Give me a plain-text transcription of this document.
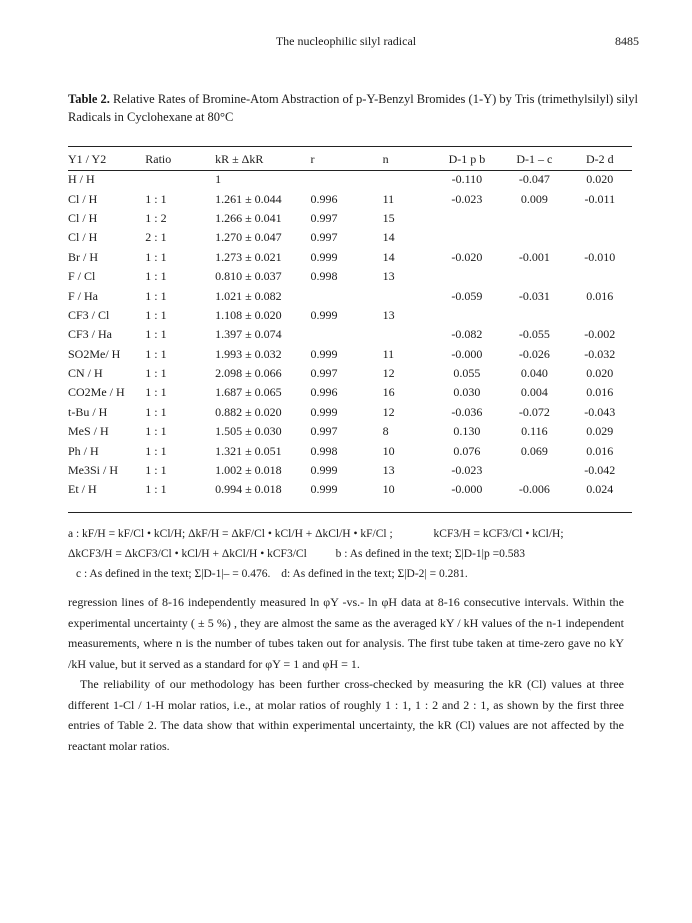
The nucleophilic silyl radical	8485
Table 2. Relative Rates of Bromine-Atom Abstraction of p-Y-Benzyl Bromides (1-Y) by Tris (trimethylsilyl) silyl Radicals in Cyclohexane at 80°C
Y1 / Y2	Ratio	kR ± ΔkR	r	n	D-1 p b	D-1 – c	D-2 d
H / H		1			-0.110	-0.047	0.020
Cl / H	1 : 1	1.261 ± 0.044	0.996	11	-0.023	0.009	-0.011
Cl / H	1 : 2	1.266 ± 0.041	0.997	15			
Cl / H	2 : 1	1.270 ± 0.047	0.997	14			
Br / H	1 : 1	1.273 ± 0.021	0.999	14	-0.020	-0.001	-0.010
F / Cl	1 : 1	0.810 ± 0.037	0.998	13			
F / Ha	1 : 1	1.021 ± 0.082			-0.059	-0.031	0.016
CF3 / Cl	1 : 1	1.108 ± 0.020	0.999	13			
CF3 / Ha	1 : 1	1.397 ± 0.074			-0.082	-0.055	-0.002
SO2Me/ H	1 : 1	1.993 ± 0.032	0.999	11	-0.000	-0.026	-0.032
CN / H	1 : 1	2.098 ± 0.066	0.997	12	0.055	0.040	0.020
CO2Me / H	1 : 1	1.687 ± 0.065	0.996	16	0.030	0.004	0.016
t-Bu / H	1 : 1	0.882 ± 0.020	0.999	12	-0.036	-0.072	-0.043
MeS / H	1 : 1	1.505 ± 0.030	0.997	8	0.130	0.116	0.029
Ph / H	1 : 1	1.321 ± 0.051	0.998	10	0.076	0.069	0.016
Me3Si / H	1 : 1	1.002 ± 0.018	0.999	13	-0.023		-0.042
Et / H	1 : 1	0.994 ± 0.018	0.999	10	-0.000	-0.006	0.024
a : kF/H = kF/Cl • kCl/H; ΔkF/H = ΔkF/Cl • kCl/H + ΔkCl/H • kF/Cl ;	kCF3/H = kCF3/Cl • kCl/H;
ΔkCF3/H = ΔkCF3/Cl • kCl/H + ΔkCl/H • kCF3/Cl	b : As defined in the text; Σ|D-1|p =0.583
c : As defined in the text; Σ|D-1|– = 0.476. d: As defined in the text; Σ|D-2| = 0.281.

regression lines of 8-16 independently measured ln φY -vs.- ln φH data at 8-16 consecutive intervals. Within the experimental uncertainty ( ± 5 %) , they are almost the same as the averaged kY / kH values of the n-1 independent measurements, where n is the number of tubes taken out for analysis. The first tube taken at time-zero gave no kY /kH value, but it served as a standard for φY = 1 and φH = 1.

The reliability of our methodology has been further cross-checked by measuring the kR (Cl) values at three different 1-Cl / 1-H molar ratios, i.e., at molar ratios of roughly 1 : 1, 1 : 2 and 2 : 1, as shown by the first three entries of Table 2. The data show that within experimental uncertainty, the kR (Cl) values are not affected by the reactant molar ratios.
